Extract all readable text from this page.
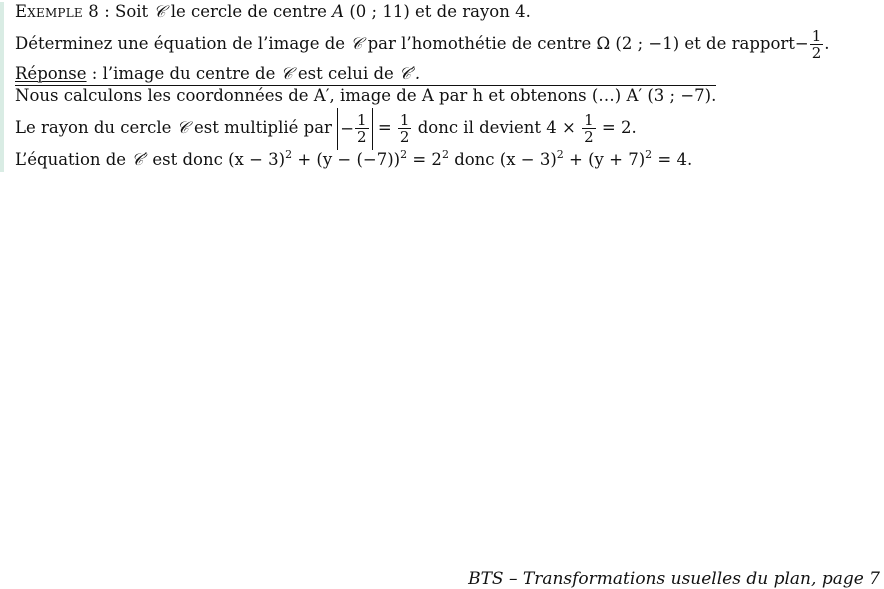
Exemple 8 : Soit 𝒞 le cercle de centre A (0 ; 11) et de rayon 4.
Déterminez une équation de l’image de 𝒞 par l’homothétie de centre Ω (2 ; −1) et de rapport− $\frac{1}{2}$ .
Réponse : l’image du centre de 𝒞 est celui de 𝒞′.
Nous calculons les coordonnées de A′, image de A par h et obtenons (…) A′ (3 ; −7).
Le rayon du cercle 𝒞 est multiplié par − $\frac{1}{2} = \frac{1}{2}$ donc il devient $4 \times \frac{1}{2} = 2$.
L’équation de 𝒞′ est donc $(x - 3)^2 + (y - (-7))^2 = 2^2$ donc $(x - 3)^2 + (y + 7)^2 = 4$.
BTS – Transformations usuelles du plan, page 7
